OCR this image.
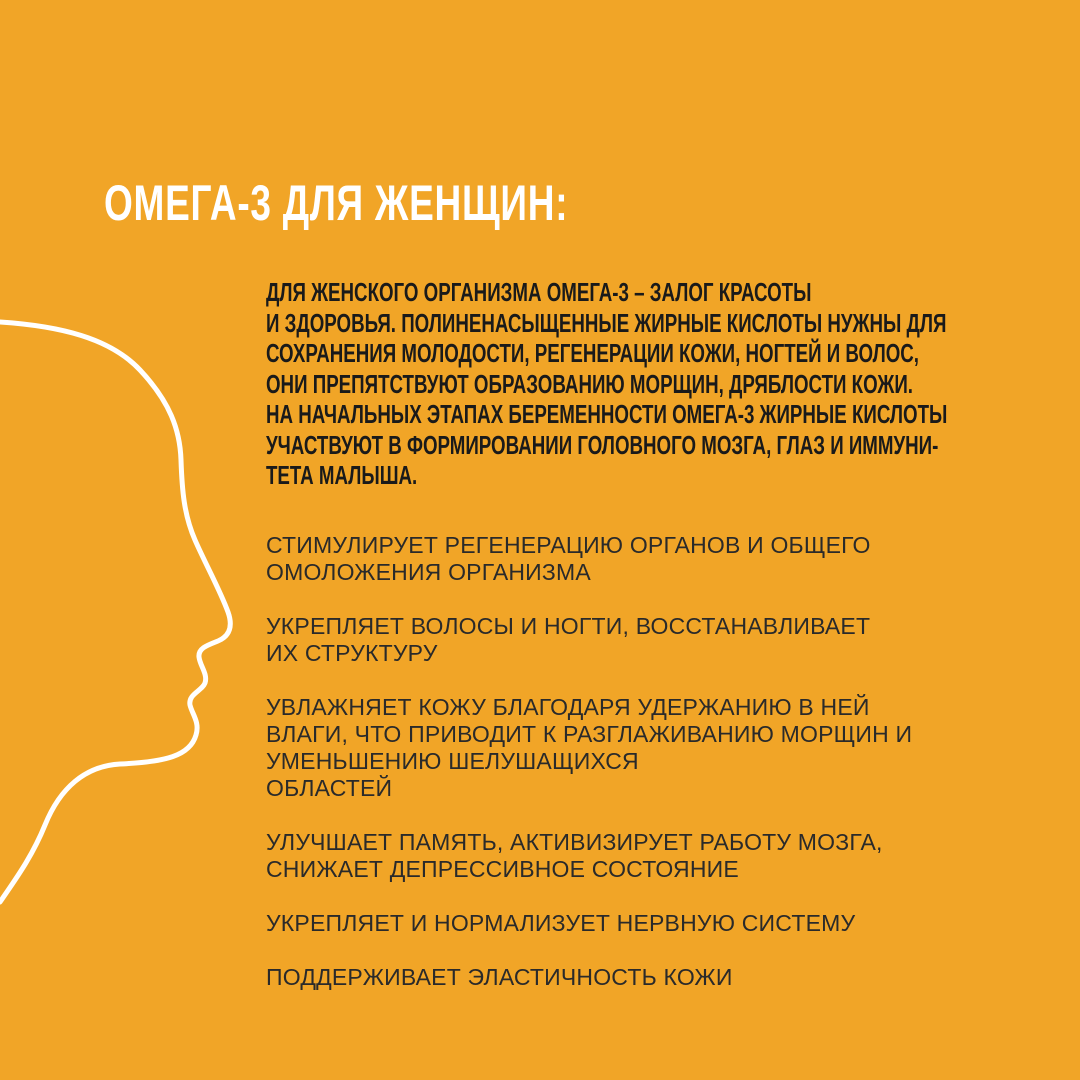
ОМЕГА-3 ДЛЯ ЖЕНЩИН:
ДЛЯ ЖЕНСКОГО ОРГАНИЗМА ОМЕГА-3 – ЗАЛОГ КРАСОТЫ
И ЗДОРОВЬЯ. ПОЛИНЕНАСЫЩЕННЫЕ ЖИРНЫЕ КИСЛОТЫ НУЖНЫ ДЛЯ
СОХРАНЕНИЯ МОЛОДОСТИ, РЕГЕНЕРАЦИИ КОЖИ, НОГТЕЙ И ВОЛОС,
ОНИ ПРЕПЯТСТВУЮТ ОБРАЗОВАНИЮ МОРЩИН, ДРЯБЛОСТИ КОЖИ.
НА НАЧАЛЬНЫХ ЭТАПАХ БЕРЕМЕННОСТИ ОМЕГА-3 ЖИРНЫЕ КИСЛОТЫ
УЧАСТВУЮТ В ФОРМИРОВАНИИ ГОЛОВНОГО МОЗГА, ГЛАЗ И ИММУНИ-
ТЕТА МАЛЫША.
СТИМУЛИРУЕТ РЕГЕНЕРАЦИЮ ОРГАНОВ И ОБЩЕГО
ОМОЛОЖЕНИЯ ОРГАНИЗМА
УКРЕПЛЯЕТ ВОЛОСЫ И НОГТИ, ВОССТАНАВЛИВАЕТ
ИХ СТРУКТУРУ
УВЛАЖНЯЕТ КОЖУ БЛАГОДАРЯ УДЕРЖАНИЮ В НЕЙ
ВЛАГИ, ЧТО ПРИВОДИТ К РАЗГЛАЖИВАНИЮ МОРЩИН И
УМЕНЬШЕНИЮ ШЕЛУШАЩИХСЯ
ОБЛАСТЕЙ
УЛУЧШАЕТ ПАМЯТЬ, АКТИВИЗИРУЕТ РАБОТУ МОЗГА,
СНИЖАЕТ ДЕПРЕССИВНОЕ СОСТОЯНИЕ
УКРЕПЛЯЕТ И НОРМАЛИЗУЕТ НЕРВНУЮ СИСТЕМУ
ПОДДЕРЖИВАЕТ ЭЛАСТИЧНОСТЬ КОЖИ
